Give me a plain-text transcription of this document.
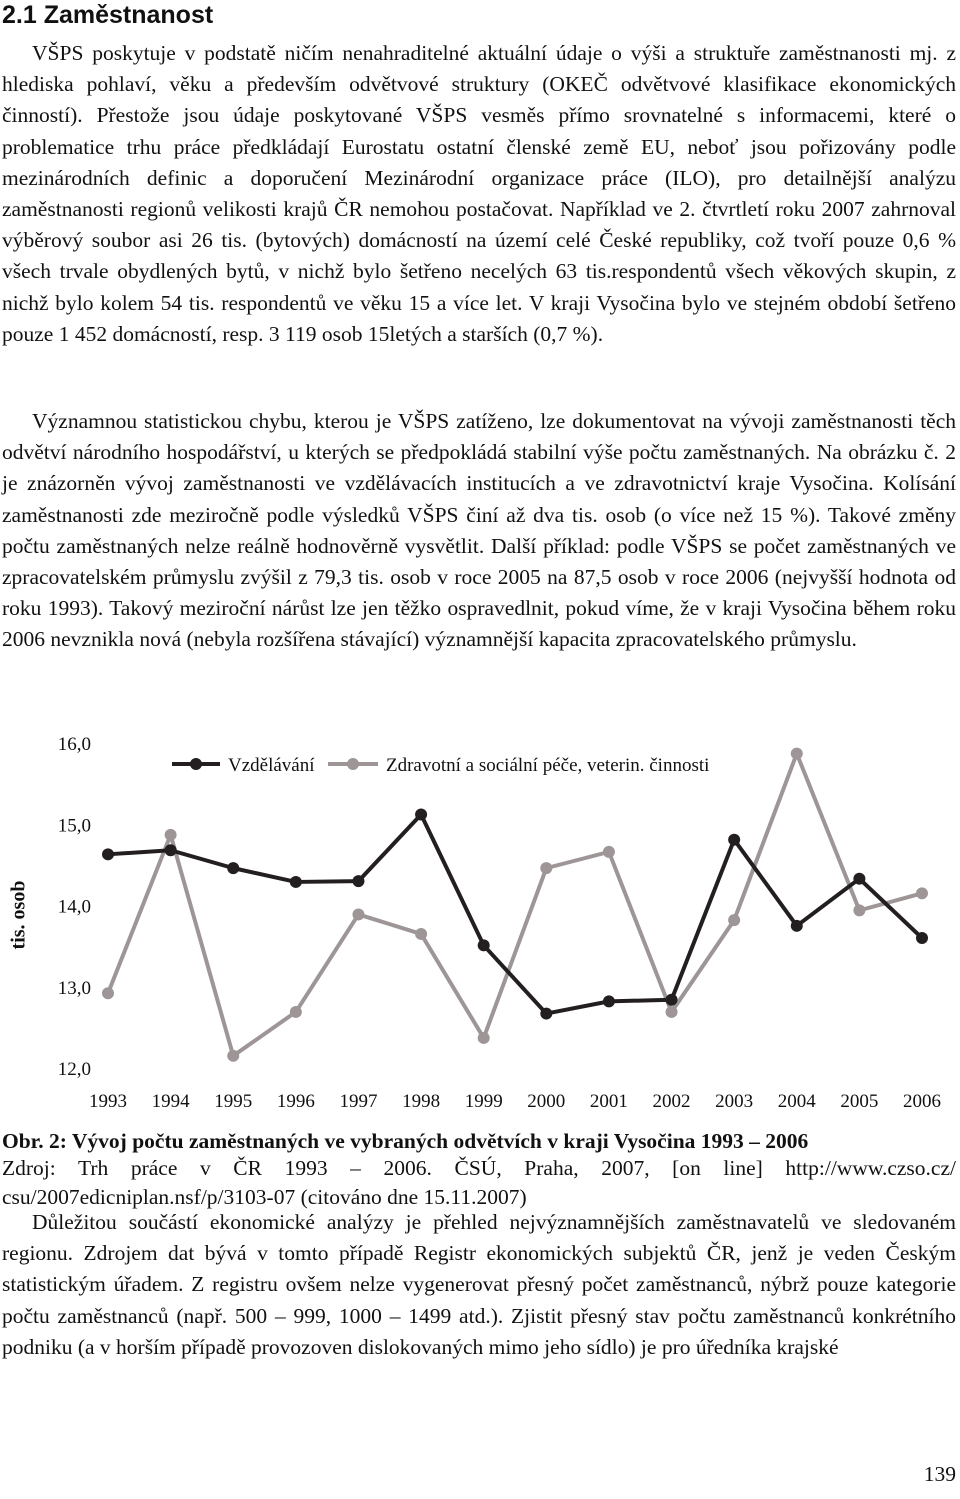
2.1 Zaměstnanost

VŠPS poskytuje v podstatě ničím nenahraditelné aktuální údaje o výši a struktuře zaměstnanosti mj. z hlediska pohlaví, věku a především odvětvové struktury (OKEČ odvětvové klasifikace ekonomických činností). Přestože jsou údaje poskytované VŠPS vesměs přímo srovnatelné s informacemi, které o problematice trhu práce předkládají Eurostatu ostatní členské země EU, neboť jsou pořizovány podle mezinárodních definic a doporučení Mezinárodní organizace práce (ILO), pro detailnější analýzu zaměstnanosti regionů velikosti krajů ČR nemohou postačovat. Například ve 2. čtvrtletí roku 2007 zahrnoval výběrový soubor asi 26 tis. (bytových) domácností na území celé České republiky, což tvoří pouze 0,6 % všech trvale obydlených bytů, v nichž bylo šetřeno necelých 63 tis.respondentů všech věkových skupin, z nichž bylo kolem 54 tis. respondentů ve věku 15 a více let. V kraji Vysočina bylo ve stejném období šetřeno pouze 1 452 domácností, resp. 3 119 osob 15letých a starších (0,7 %).

Významnou statistickou chybu, kterou je VŠPS zatíženo, lze dokumentovat na vývoji zaměstnanosti těch odvětví národního hospodářství, u kterých se předpokládá stabilní výše počtu zaměstnaných. Na obrázku č. 2 je znázorněn vývoj zaměstnanosti ve vzdělávacích institucích a ve zdravotnictví kraje Vysočina. Kolísání zaměstnanosti zde meziročně podle výsledků VŠPS činí až dva tis. osob (o více než 15 %). Takové změny počtu zaměstnaných nelze reálně hodnověrně vysvětlit. Další příklad: podle VŠPS se počet zaměstnaných ve zpracovatelském průmyslu zvýšil z 79,3 tis. osob v roce 2005 na 87,5 osob v roce 2006 (nejvyšší hodnota od roku 1993). Takový meziroční nárůst lze jen těžko ospravedlnit, pokud víme, že v kraji Vysočina během roku 2006 nevznikla nová (nebyla rozšířena stávající) významnější kapacita zpracovatelského průmyslu.

12,0
13,0
14,0
15,0
16,0
1993 1994 1995 1996 1997 1998 1999 2000 2001 2002 2003 2004 2005 2006
Vzdělávání	Zdravotní a sociální péče, veterin. činnosti
tis. osob
Obr. 2: Vývoj počtu zaměstnaných ve vybraných odvětvích v kraji Vysočina 1993 – 2006
Zdroj: Trh práce v ČR 1993 – 2006. ČSÚ, Praha, 2007, [on line] http://www.czso.cz/
csu/2007edicniplan.nsf/p/3103-07 (citováno dne 15.11.2007)

Důležitou součástí ekonomické analýzy je přehled nejvýznamnějších zaměstnavatelů ve sledovaném regionu. Zdrojem dat bývá v tomto případě Registr ekonomických subjektů ČR, jenž je veden Českým statistickým úřadem. Z registru ovšem nelze vygenerovat přesný počet zaměstnanců, nýbrž pouze kategorie počtu zaměstnanců (např. 500 – 999, 1000 – 1499 atd.). Zjistit přesný stav počtu zaměstnanců konkrétního podniku (a v horším případě provozoven dislokovaných mimo jeho sídlo) je pro úředníka krajské

139
